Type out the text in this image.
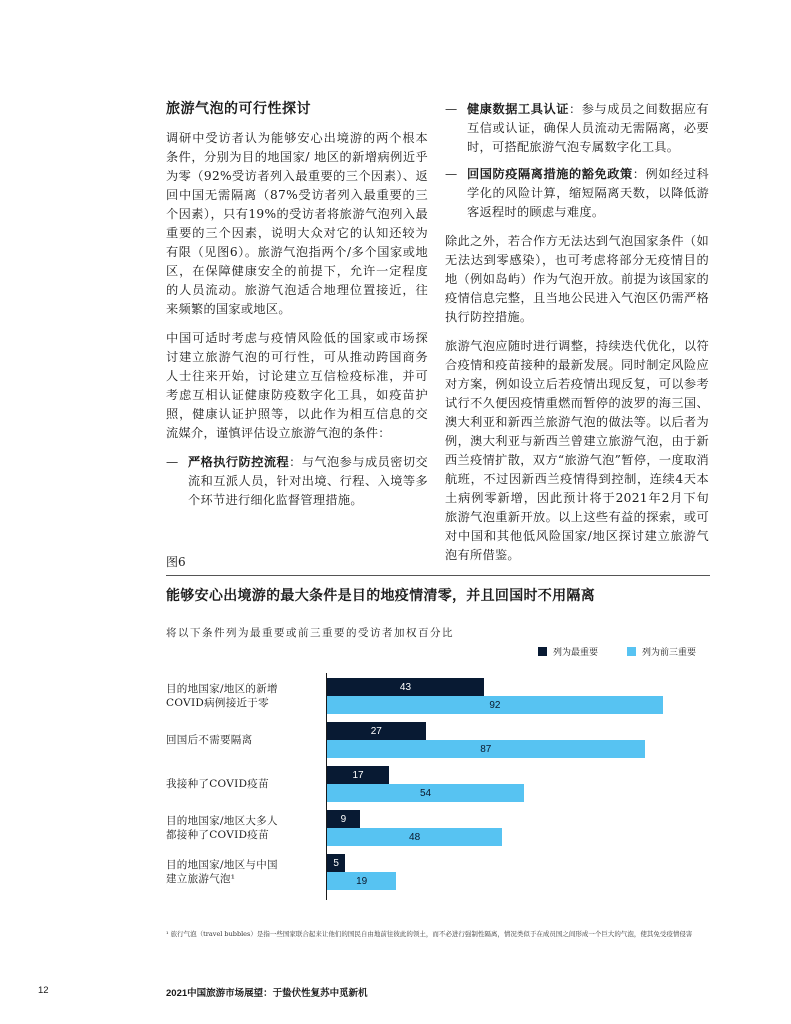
旅游气泡的可行性探讨

调研中受访者认为能够安心出境游的两个根本条件，分别为目的地国家/ 地区的新增病例近乎为零（92%受访者列入最重要的三个因素）、返回中国无需隔离（87%受访者列入最重要的三个因素），只有19%的受访者将旅游气泡列入最重要的三个因素，说明大众对它的认知还较为有限（见图6）。旅游气泡指两个/多个国家或地区，在保障健康安全的前提下，允许一定程度的人员流动。旅游气泡适合地理位置接近，往来频繁的国家或地区。

中国可适时考虑与疫情风险低的国家或市场探讨建立旅游气泡的可行性，可从推动跨国商务人士往来开始，讨论建立互信检疫标准，并可考虑互相认证健康防疫数字化工具，如疫苗护照，健康认证护照等，以此作为相互信息的交流媒介，谨慎评估设立旅游气泡的条件：

— 严格执行防控流程：与气泡参与成员密切交流和互派人员，针对出境、行程、入境等多个环节进行细化监督管理措施。
— 健康数据工具认证：参与成员之间数据应有互信或认证，确保人员流动无需隔离，必要时，可搭配旅游气泡专属数字化工具。
— 回国防疫隔离措施的豁免政策：例如经过科学化的风险计算，缩短隔离天数，以降低游客返程时的顾虑与难度。

除此之外，若合作方无法达到气泡国家条件（如无法达到零感染），也可考虑将部分无疫情目的地（例如岛屿）作为气泡开放。前提为该国家的疫情信息完整，且当地公民进入气泡区仍需严格执行防控措施。

旅游气泡应随时进行调整，持续迭代优化，以符合疫情和疫苗接种的最新发展。同时制定风险应对方案，例如设立后若疫情出现反复，可以参考试行不久便因疫情重燃而暂停的波罗的海三国、澳大利亚和新西兰旅游气泡的做法等。以后者为例，澳大利亚与新西兰曾建立旅游气泡，由于新西兰疫情扩散，双方“旅游气泡”暂停，一度取消航班，不过因新西兰疫情得到控制，连续4天本土病例零新增，因此预计将于2021年2月下旬旅游气泡重新开放。以上这些有益的探索，或可对中国和其他低风险国家/地区探讨建立旅游气泡有所借鉴。

图6
能够安心出境游的最大条件是目的地疫情清零，并且回国时不用隔离
将以下条件列为最重要或前三重要的受访者加权百分比
列为最重要	列为前三重要
目的地国家/地区的新增
COVID病例接近于零
43
92
回国后不需要隔离
27
87
我接种了COVID疫苗
17
54
目的地国家/地区大多人
都接种了COVID疫苗
9
48
目的地国家/地区与中国
建立旅游气泡¹
5
19
¹ 旅行气泡（travel bubbles）是指一些国家联合起来让他们的国民自由地前往彼此的领土，而不必进行强制性隔离，情况类似于在成员国之间形成一个巨大的气泡，使其免受疫情侵害
12	2021中国旅游市场展望：于蛰伏性复苏中觅新机
